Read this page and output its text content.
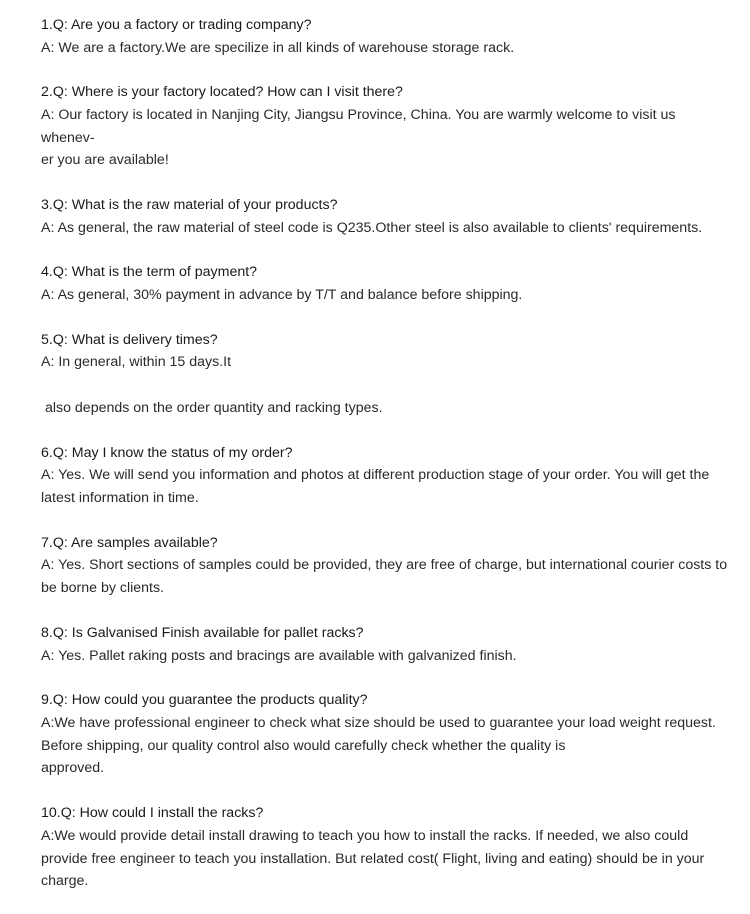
1.Q: Are you a factory or trading company?

A: We are a factory.We are specilize in all kinds of warehouse storage rack.

2.Q: Where is your factory located? How can I visit there?

A: Our factory is located in Nanjing City, Jiangsu Province, China. You are warmly welcome to visit us whenev-
er you are available!

3.Q: What is the raw material of your products?

A: As general, the raw material of steel code is Q235.Other steel is also available to clients' requirements.

4.Q: What is the term of payment?

A: As general, 30% payment in advance by T/T and balance before shipping.

5.Q: What is delivery times?

A: In general, within 15 days.It

also depends on the order quantity and racking types.

6.Q: May I know the status of my order?

A: Yes. We will send you information and photos at different production stage of your order. You will get the
latest information in time.

7.Q: Are samples available?

A: Yes. Short sections of samples could be provided, they are free of charge, but international courier costs to
be borne by clients.

8.Q: Is Galvanised Finish available for pallet racks?

A: Yes. Pallet raking posts and bracings are available with galvanized finish.

9.Q: How could you guarantee the products quality?

A:We have professional engineer to check what size should be used to guarantee your load weight request.
Before shipping, our quality control also would carefully check whether the quality is
approved.

10.Q: How could I install the racks?

A:We would provide detail install drawing to teach you how to install the racks. If needed, we also could
provide free engineer to teach you installation. But related cost( Flight, living and eating) should be in your
charge.
